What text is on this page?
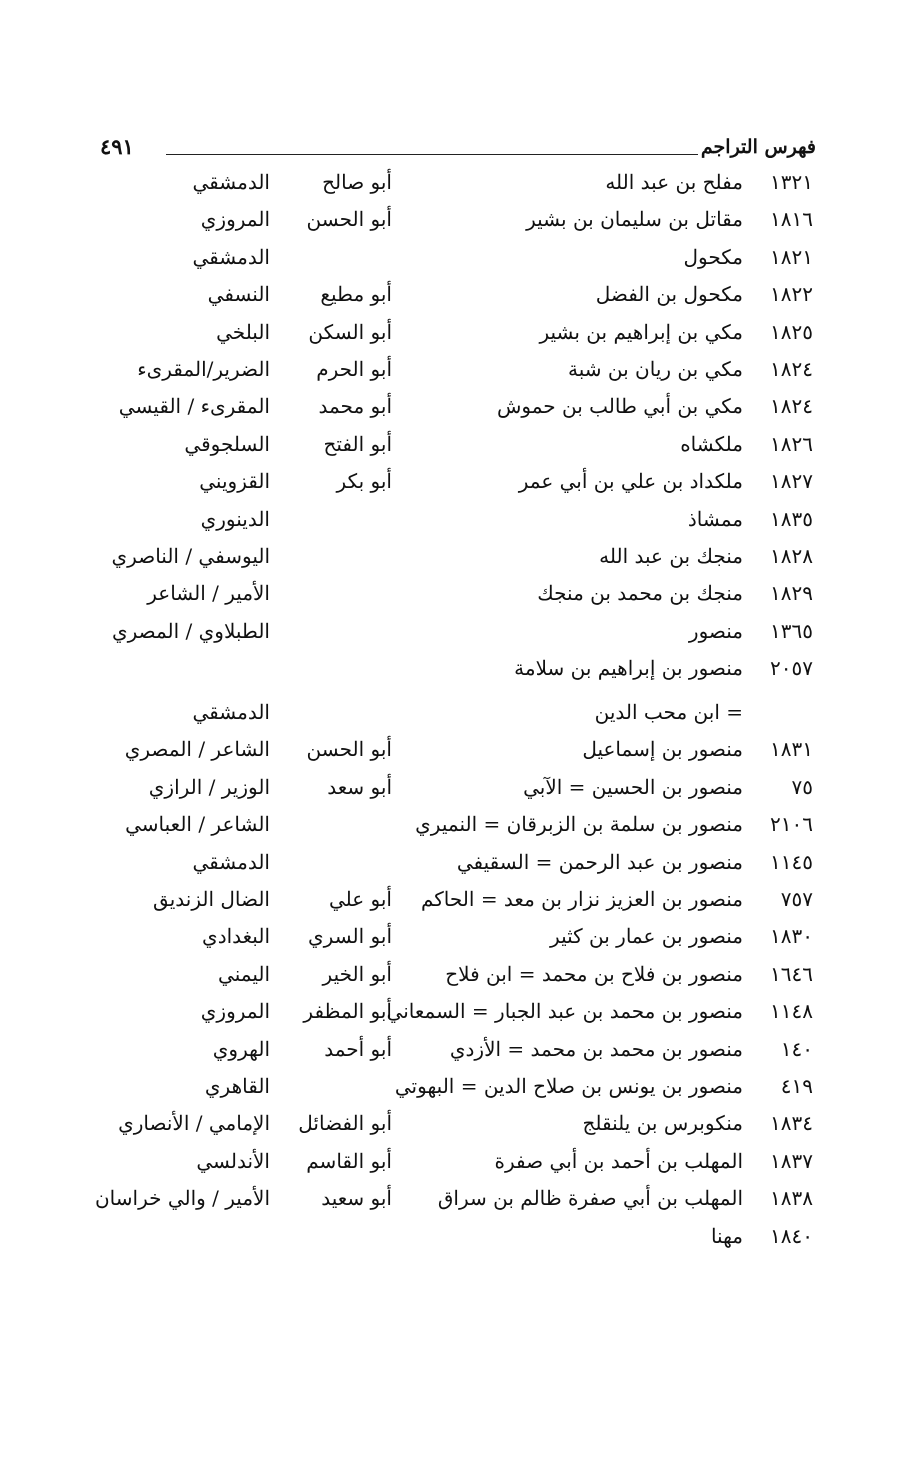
فهرس التراجم
٤٩١
١٣٢١
مفلح بن عبد الله
أبو صالح
الدمشقي
١٨١٦
مقاتل بن سليمان بن بشير
أبو الحسن
المروزي
١٨٢١
مكحول
الدمشقي
١٨٢٢
مكحول بن الفضل
أبو مطيع
النسفي
١٨٢٥
مكي بن إبراهيم بن بشير
أبو السكن
البلخي
١٨٢٤
مكي بن ريان بن شبة
أبو الحرم
الضرير/المقرىء
١٨٢٤
مكي بن أبي طالب بن حموش
أبو محمد
المقرىء / القيسي
١٨٢٦
ملكشاه
أبو الفتح
السلجوقي
١٨٢٧
ملكداد بن علي بن أبي عمر
أبو بكر
القزويني
١٨٣٥
ممشاذ
الدينوري
١٨٢٨
منجك بن عبد الله
اليوسفي / الناصري
١٨٢٩
منجك بن محمد بن منجك
الأمير / الشاعر
١٣٦٥
منصور
الطبلاوي / المصري
٢٠٥٧
منصور بن إبراهيم بن سلامة
= ابن محب الدين
الدمشقي
١٨٣١
منصور بن إسماعيل
أبو الحسن
الشاعر / المصري
٧٥
منصور بن الحسين = الآبي
أبو سعد
الوزير / الرازي
٢١٠٦
منصور بن سلمة بن الزبرقان = النميري
الشاعر / العباسي
١١٤٥
منصور بن عبد الرحمن = السقيفي
الدمشقي
٧٥٧
منصور بن العزيز نزار بن معد = الحاكم
أبو علي
الضال الزنديق
١٨٣٠
منصور بن عمار بن كثير
أبو السري
البغدادي
١٦٤٦
منصور بن فلاح بن محمد = ابن فلاح
أبو الخير
اليمني
١١٤٨
منصور بن محمد بن عبد الجبار = السمعاني
أبو المظفر
المروزي
١٤٠
منصور بن محمد بن محمد = الأزدي
أبو أحمد
الهروي
٤١٩
منصور بن يونس بن صلاح الدين = البهوتي
القاهري
١٨٣٤
منكوبرس بن يلنقلج
أبو الفضائل
الإمامي / الأنصاري
١٨٣٧
المهلب بن أحمد بن أبي صفرة
أبو القاسم
الأندلسي
١٨٣٨
المهلب بن أبي صفرة ظالم بن سراق
أبو سعيد
الأمير / والي خراسان
١٨٤٠
مهنا
